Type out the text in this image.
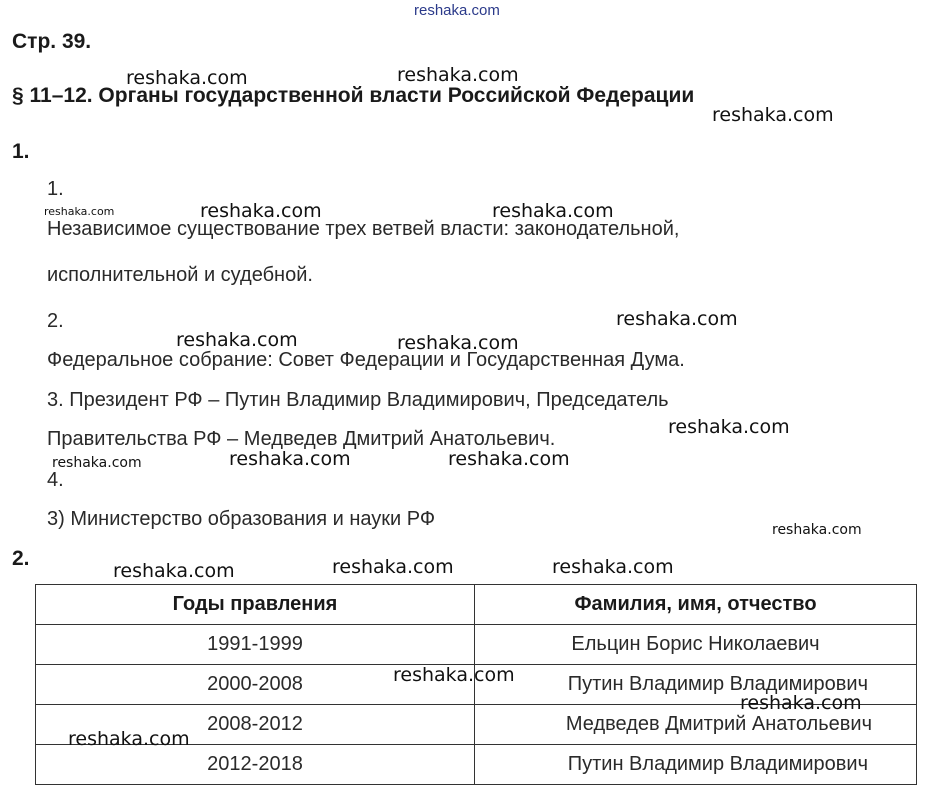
reshaka.com
Стр. 39.
§ 11–12. Органы государственной власти Российской Федерации
1.
1.
Независимое существование трех ветвей власти: законодательной,
исполнительной и судебной.
2.
Федеральное собрание: Совет Федерации и Государственная Дума.
3. Президент РФ – Путин Владимир Владимирович, Председатель
Правительства РФ – Медведев Дмитрий Анатольевич.
4.
3) Министерство образования и науки РФ
2.
Годы правления	Фамилия, имя, отчество
1991-1999	Ельцин Борис Николаевич
2000-2008	Путин Владимир Владимирович
2008-2012	Медведев Дмитрий Анатольевич
2012-2018	Путин Владимир Владимирович
reshaka.com	reshaka.com
reshaka.com
reshaka.com	reshaka.com	reshaka.com
reshaka.com
reshaka.com	reshaka.com
reshaka.com
reshaka.com	reshaka.com	reshaka.com
reshaka.com
reshaka.com	reshaka.com	reshaka.com
reshaka.com
reshaka.com
reshaka.com
